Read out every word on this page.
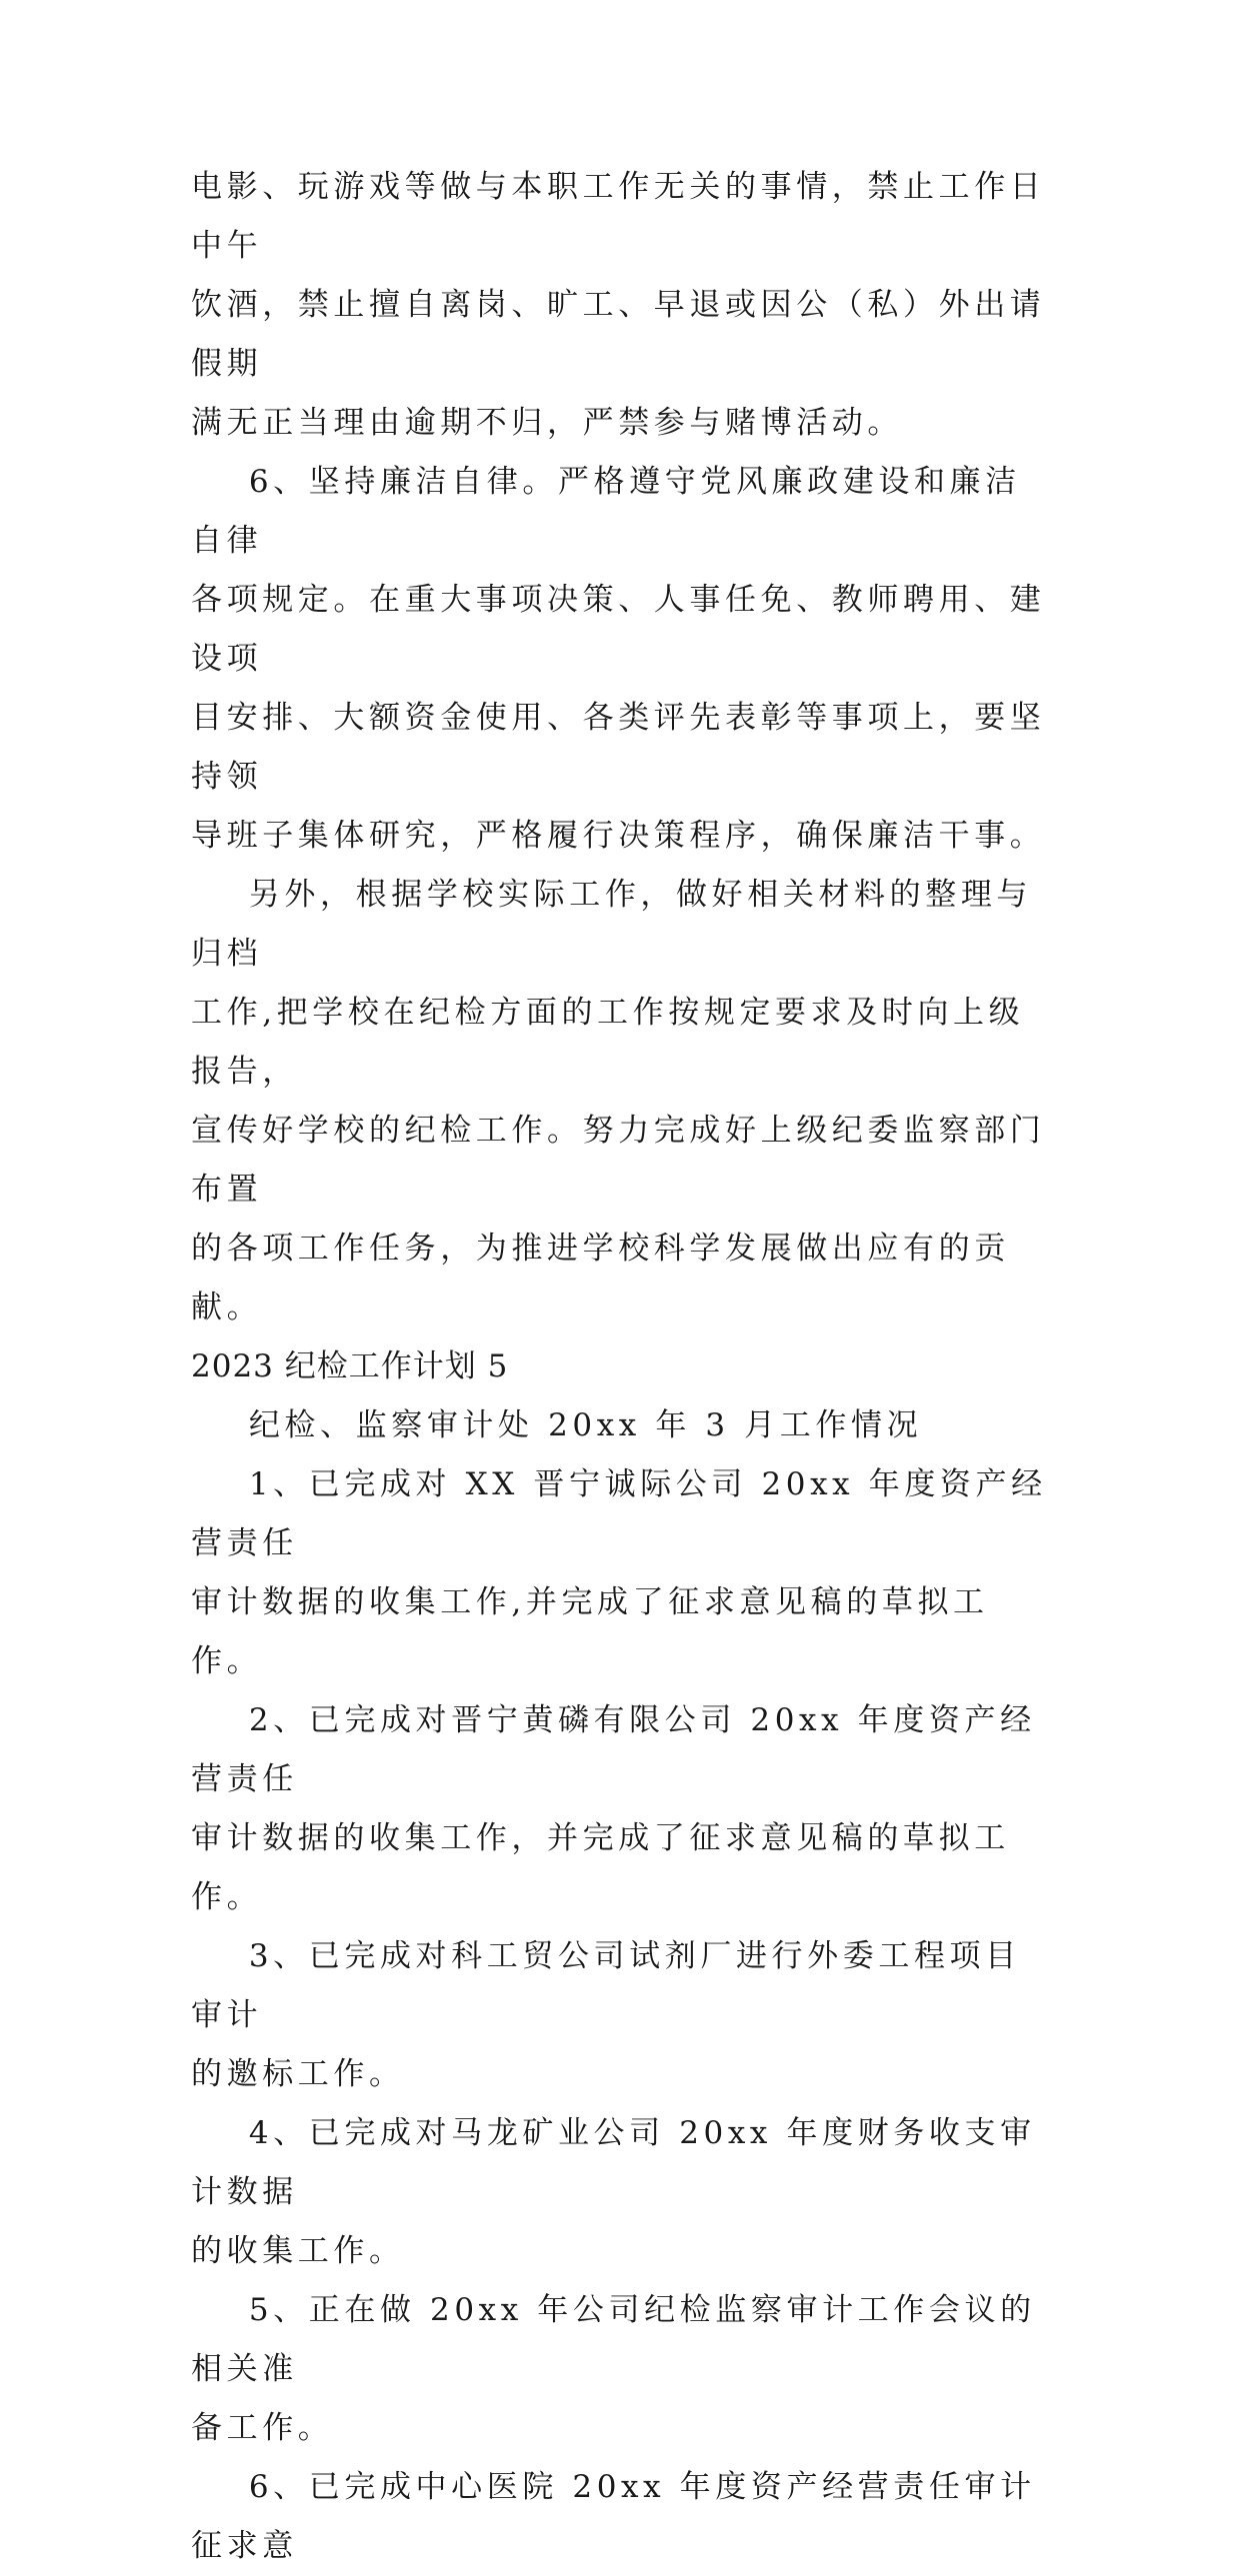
电影、玩游戏等做与本职工作无关的事情，禁止工作日中午

饮酒，禁止擅自离岗、旷工、早退或因公（私）外出请假期

满无正当理由逾期不归，严禁参与赌博活动。

6、坚持廉洁自律。严格遵守党风廉政建设和廉洁自律

各项规定。在重大事项决策、人事任免、教师聘用、建设项

目安排、大额资金使用、各类评先表彰等事项上，要坚持领

导班子集体研究，严格履行决策程序，确保廉洁干事。

另外，根据学校实际工作，做好相关材料的整理与归档

工作,把学校在纪检方面的工作按规定要求及时向上级报告，

宣传好学校的纪检工作。努力完成好上级纪委监察部门布置

的各项工作任务，为推进学校科学发展做出应有的贡献。

2023 纪检工作计划 5

纪检、监察审计处 20xx 年 3 月工作情况

1、已完成对 XX 晋宁诚际公司 20xx 年度资产经营责任

审计数据的收集工作,并完成了征求意见稿的草拟工作。

2、已完成对晋宁黄磷有限公司 20xx 年度资产经营责任

审计数据的收集工作，并完成了征求意见稿的草拟工作。

3、已完成对科工贸公司试剂厂进行外委工程项目审计

的邀标工作。

4、已完成对马龙矿业公司 20xx 年度财务收支审计数据

的收集工作。

5、正在做 20xx 年公司纪检监察审计工作会议的相关准

备工作。

6、已完成中心医院 20xx 年度资产经营责任审计征求意
